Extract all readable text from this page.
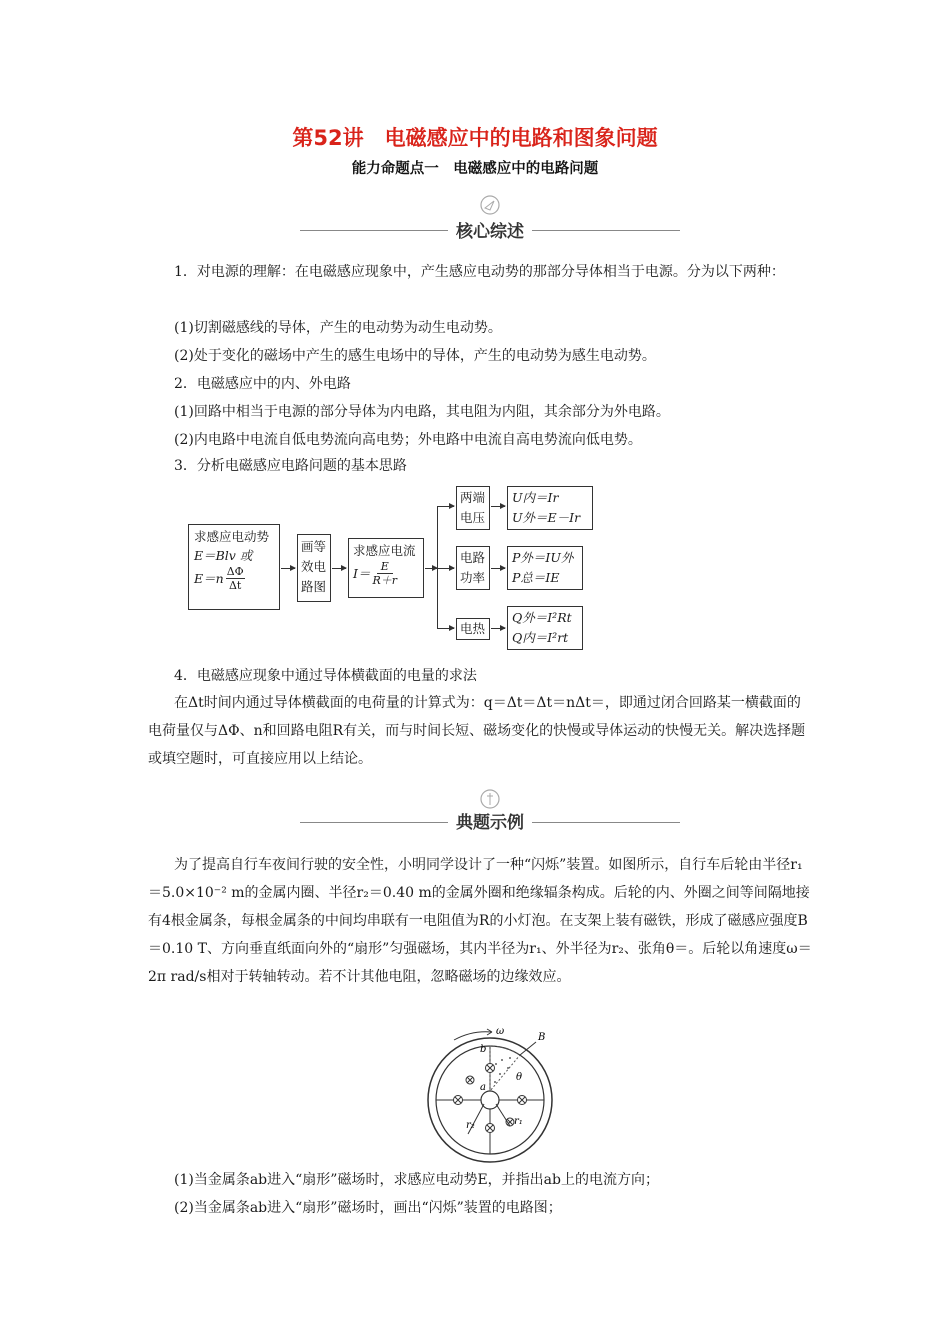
第52讲　电磁感应中的电路和图象问题
能力命题点一　电磁感应中的电路问题
核心综述

1．对电源的理解：在电磁感应现象中，产生感应电动势的那部分导体相当于电源。分为以下两种：

(1)切割磁感线的导体，产生的电动势为动生电动势。

(2)处于变化的磁场中产生的感生电场中的导体，产生的电动势为感生电动势。

2．电磁感应中的内、外电路

(1)回路中相当于电源的部分导体为内电路，其电阻为内阻，其余部分为外电路。

(2)内电路中电流自低电势流向高电势；外电路中电流自高电势流向低电势。

3．分析电磁感应电路问题的基本思路

求感应电动势
E＝Blv 或
$E=n \frac{\Delta\Phi}{\Delta t}$
画等效电路图
求感应电流
$I= \frac{E}{R+r}$
两端
电压
U内＝Ir
U外＝E－Ir
电路
功率
P外＝IU外
P总＝IE
电热
Q外＝I²Rt
Q内＝I²rt

4．电磁感应现象中通过导体横截面的电量的求法

在Δt时间内通过导体横截面的电荷量的计算式为：q＝Δt＝Δt＝nΔt＝，即通过闭合回路某一横截面的电荷量仅与ΔΦ、n和回路电阻R有关，而与时间长短、磁场变化的快慢或导体运动的快慢无关。解决选择题或填空题时，可直接应用以上结论。

典题示例

为了提高自行车夜间行驶的安全性，小明同学设计了一种“闪烁”装置。如图所示，自行车后轮由半径r₁＝5.0×10⁻² m的金属内圈、半径r₂＝0.40 m的金属外圈和绝缘辐条构成。后轮的内、外圈之间等间隔地接有4根金属条，每根金属条的中间均串联有一电阻值为R的小灯泡。在支架上装有磁铁，形成了磁感应强度B＝0.10 T、方向垂直纸面向外的“扇形”匀强磁场，其内半径为r₁、外半径为r₂、张角θ＝。后轮以角速度ω＝2π rad/s相对于转轴转动。若不计其他电阻，忽略磁场的边缘效应。

ω
B
b
a
θ
r₁
r₂

(1)当金属条ab进入“扇形”磁场时，求感应电动势E，并指出ab上的电流方向；

(2)当金属条ab进入“扇形”磁场时，画出“闪烁”装置的电路图；
